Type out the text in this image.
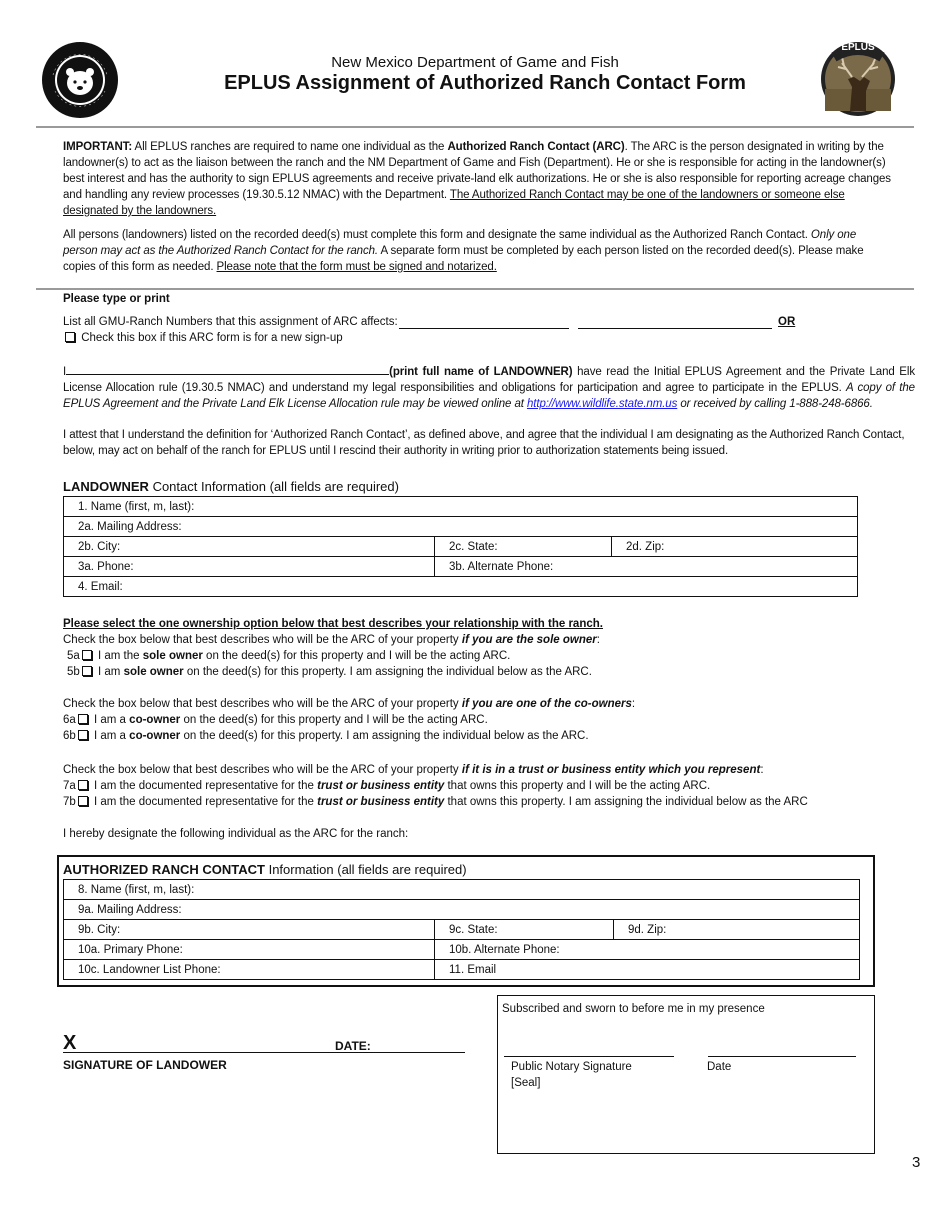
EPLUS
New Mexico Department of Game and Fish
EPLUS Assignment of Authorized Ranch Contact Form
IMPORTANT: All EPLUS ranches are required to name one individual as the Authorized Ranch Contact (ARC). The ARC is the person designated in writing by the landowner(s) to act as the liaison between the ranch and the NM Department of Game and Fish (Department). He or she is responsible for acting in the landowner(s) best interest and has the authority to sign EPLUS agreements and receive private-land elk authorizations. He or she is also responsible for reporting acreage changes and handling any review processes (19.30.5.12 NMAC) with the Department. The Authorized Ranch Contact may be one of the landowners or someone else designated by the landowners.
All persons (landowners) listed on the recorded deed(s) must complete this form and designate the same individual as the Authorized Ranch Contact. Only one person may act as the Authorized Ranch Contact for the ranch. A separate form must be completed by each person listed on the recorded deed(s). Please make copies of this form as needed. Please note that the form must be signed and notarized.
Please type or print
List all GMU-Ranch Numbers that this assignment of ARC affects:	OR
Check this box if this ARC form is for a new sign-up
I	(print full name of LANDOWNER) have read the Initial EPLUS Agreement and the Private Land Elk License Allocation rule (19.30.5 NMAC) and understand my legal responsibilities and obligations for participation and agree to participate in the EPLUS. A copy of the EPLUS Agreement and the Private Land Elk License Allocation rule may be viewed online at http://www.wildlife.state.nm.us or received by calling 1-888-248-6866.
I attest that I understand the definition for ‘Authorized Ranch Contact’, as defined above, and agree that the individual I am designating as the Authorized Ranch Contact, below, may act on behalf of the ranch for EPLUS until I rescind their authority in writing prior to authorization statements being issued.
LANDOWNER Contact Information (all fields are required)
1. Name (first, m, last):		
2a. Mailing Address:		
2b. City:	2c. State:	2d. Zip:
3a. Phone:	3b. Alternate Phone:	
4. Email:		
Please select the one ownership option below that best describes your relationship with the ranch.
Check the box below that best describes who will be the ARC of your property if you are the sole owner:
5a I am the sole owner on the deed(s) for this property and I will be the acting ARC.
5b I am sole owner on the deed(s) for this property. I am assigning the individual below as the ARC.
Check the box below that best describes who will be the ARC of your property if you are one of the co-owners:
6a I am a co-owner on the deed(s) for this property and I will be the acting ARC.
6b I am a co-owner on the deed(s) for this property. I am assigning the individual below as the ARC.
Check the box below that best describes who will be the ARC of your property if it is in a trust or business entity which you represent:
7a I am the documented representative for the trust or business entity that owns this property and I will be the acting ARC.
7b I am the documented representative for the trust or business entity that owns this property. I am assigning the individual below as the ARC
I hereby designate the following individual as the ARC for the ranch:
AUTHORIZED RANCH CONTACT Information (all fields are required)
8. Name (first, m, last):		
9a. Mailing Address:		
9b. City:	9c. State:	9d. Zip:
10a. Primary Phone:	10b. Alternate Phone:	
10c. Landowner List Phone:	11. Email	
X	DATE:
SIGNATURE OF LANDOWER
Subscribed and sworn to before me in my presence
Public Notary Signature
[Seal]
Date
3
